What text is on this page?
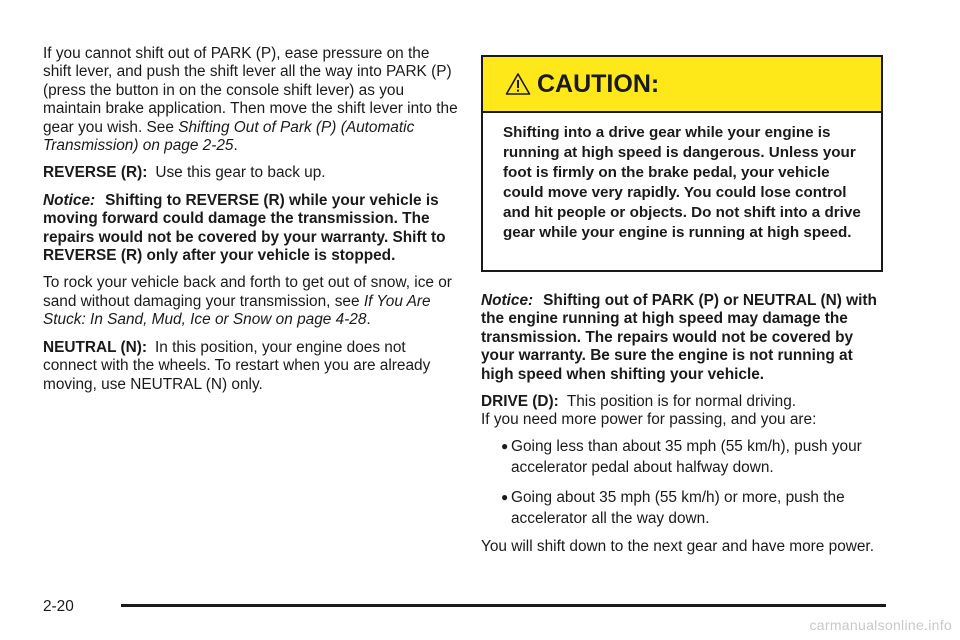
If you cannot shift out of PARK (P), ease pressure on the shift lever, and push the shift lever all the way into PARK (P) (press the button in on the console shift lever) as you maintain brake application. Then move the shift lever into the gear you wish. See Shifting Out of Park (P) (Automatic Transmission) on page 2-25.

REVERSE (R): Use this gear to back up.

Notice: Shifting to REVERSE (R) while your vehicle is moving forward could damage the transmission. The repairs would not be covered by your warranty. Shift to REVERSE (R) only after your vehicle is stopped.

To rock your vehicle back and forth to get out of snow, ice or sand without damaging your transmission, see If You Are Stuck: In Sand, Mud, Ice or Snow on page 4-28.

NEUTRAL (N): In this position, your engine does not connect with the wheels. To restart when you are already moving, use NEUTRAL (N) only.

CAUTION:
Shifting into a drive gear while your engine is running at high speed is dangerous. Unless your foot is firmly on the brake pedal, your vehicle could move very rapidly. You could lose control and hit people or objects. Do not shift into a drive gear while your engine is running at high speed.

Notice: Shifting out of PARK (P) or NEUTRAL (N) with the engine running at high speed may damage the transmission. The repairs would not be covered by your warranty. Be sure the engine is not running at high speed when shifting your vehicle.

DRIVE (D): This position is for normal driving.
If you need more power for passing, and you are:

● Going less than about 35 mph (55 km/h), push your accelerator pedal about halfway down.
● Going about 35 mph (55 km/h) or more, push the accelerator all the way down.

You will shift down to the next gear and have more power.

2-20
carmanualsonline.info
